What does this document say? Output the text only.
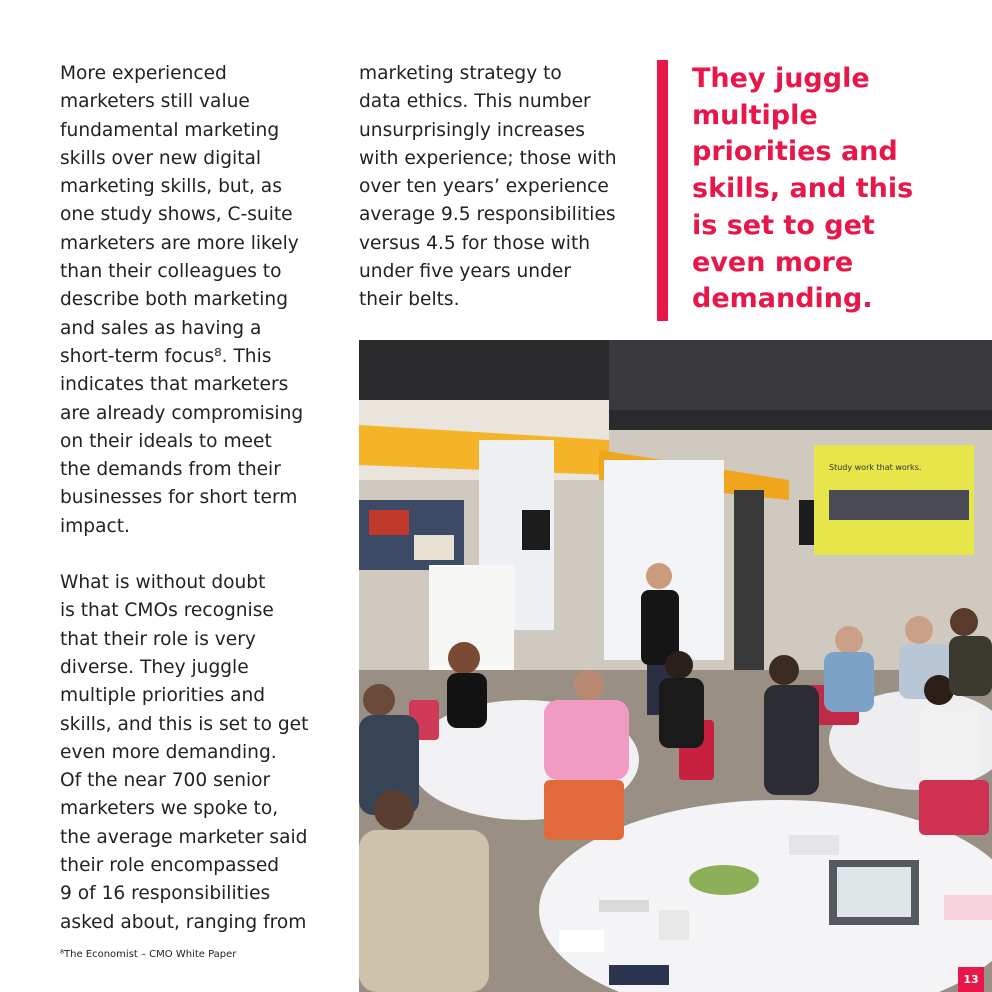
More experienced
marketers still value
fundamental marketing
skills over new digital
marketing skills, but, as
one study shows, C-suite
marketers are more likely
than their colleagues to
describe both marketing
and sales as having a
short-term focus⁸. This
indicates that marketers
are already compromising
on their ideals to meet
the demands from their
businesses for short term
impact.

What is without doubt
is that CMOs recognise
that their role is very
diverse. They juggle
multiple priorities and
skills, and this is set to get
even more demanding.
Of the near 700 senior
marketers we spoke to,
the average marketer said
their role encompassed
9 of 16 responsibilities
asked about, ranging from

marketing strategy to
data ethics. This number
unsurprisingly increases
with experience; those with
over ten years’ experience
average 9.5 responsibilities
versus 4.5 for those with
under five years under
their belts.
They juggle
multiple
priorities and
skills, and this
is set to get
even more
demanding.
⁸The Economist – CMO White Paper
Study work that works.
13
